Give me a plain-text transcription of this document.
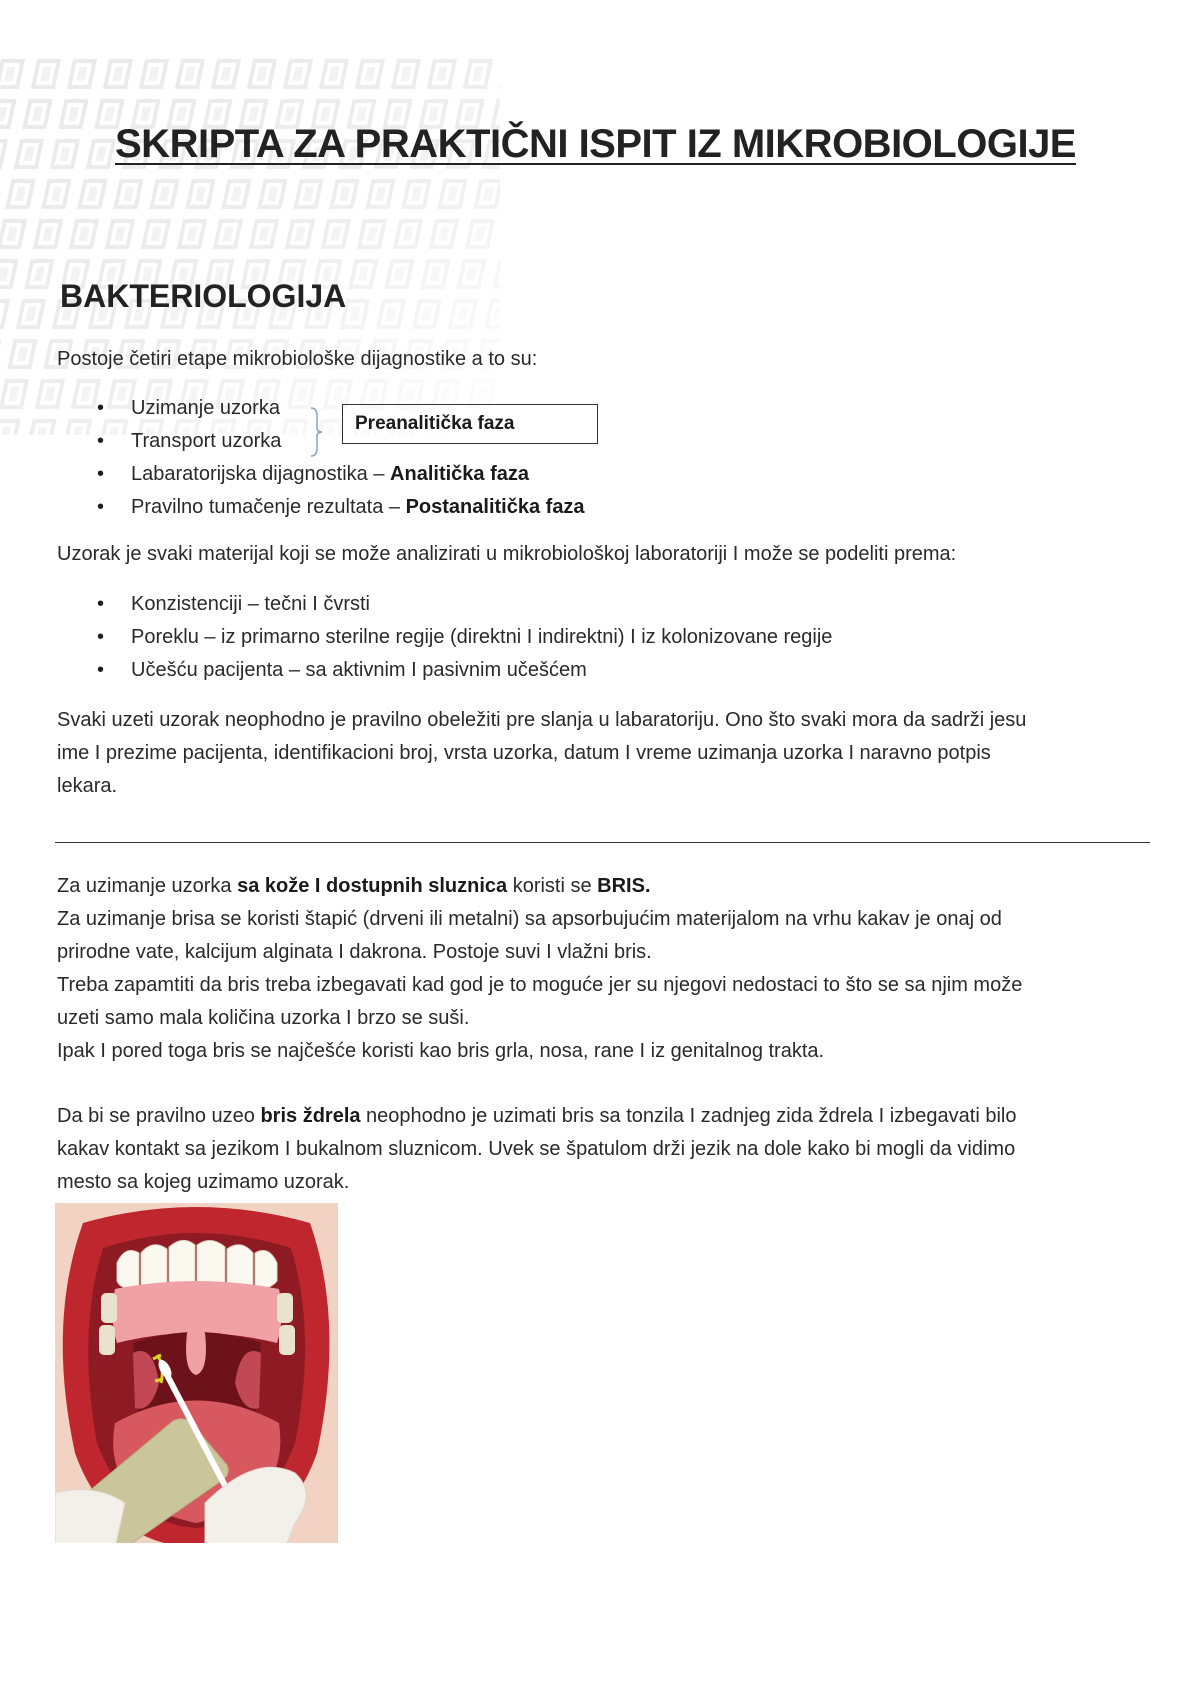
SKRIPTA ZA PRAKTIČNI ISPIT IZ MIKROBIOLOGIJE
BAKTERIOLOGIJA
Postoje četiri etape mikrobiološke dijagnostike a to su:
• Uzimanje uzorka
• Transport uzorka
Preanalitička faza
• Labaratorijska dijagnostika – Analitička faza
• Pravilno tumačenje rezultata – Postanalitička faza
Uzorak je svaki materijal koji se može analizirati u mikrobiološkoj laboratoriji I može se podeliti prema:
• Konzistenciji – tečni I čvrsti
• Poreklu – iz primarno sterilne regije (direktni I indirektni) I iz kolonizovane regije
• Učešću pacijenta – sa aktivnim I pasivnim učešćem
Svaki uzeti uzorak neophodno je pravilno obeležiti pre slanja u labaratoriju. Ono što svaki mora da sadrži jesu
ime I prezime pacijenta, identifikacioni broj, vrsta uzorka, datum I vreme uzimanja uzorka I naravno potpis
lekara.
Za uzimanje uzorka sa kože I dostupnih sluznica koristi se BRIS.
Za uzimanje brisa se koristi štapić (drveni ili metalni) sa apsorbujućim materijalom na vrhu kakav je onaj od
prirodne vate, kalcijum alginata I dakrona. Postoje suvi I vlažni bris.
Treba zapamtiti da bris treba izbegavati kad god je to moguće jer su njegovi nedostaci to što se sa njim može
uzeti samo mala količina uzorka I brzo se suši.
Ipak I pored toga bris se najčešće koristi kao bris grla, nosa, rane I iz genitalnog trakta.
Da bi se pravilno uzeo bris ždrela neophodno je uzimati bris sa tonzila I zadnjeg zida ždrela I izbegavati bilo
kakav kontakt sa jezikom I bukalnom sluznicom. Uvek se špatulom drži jezik na dole kako bi mogli da vidimo
mesto sa kojeg uzimamo uzorak.
